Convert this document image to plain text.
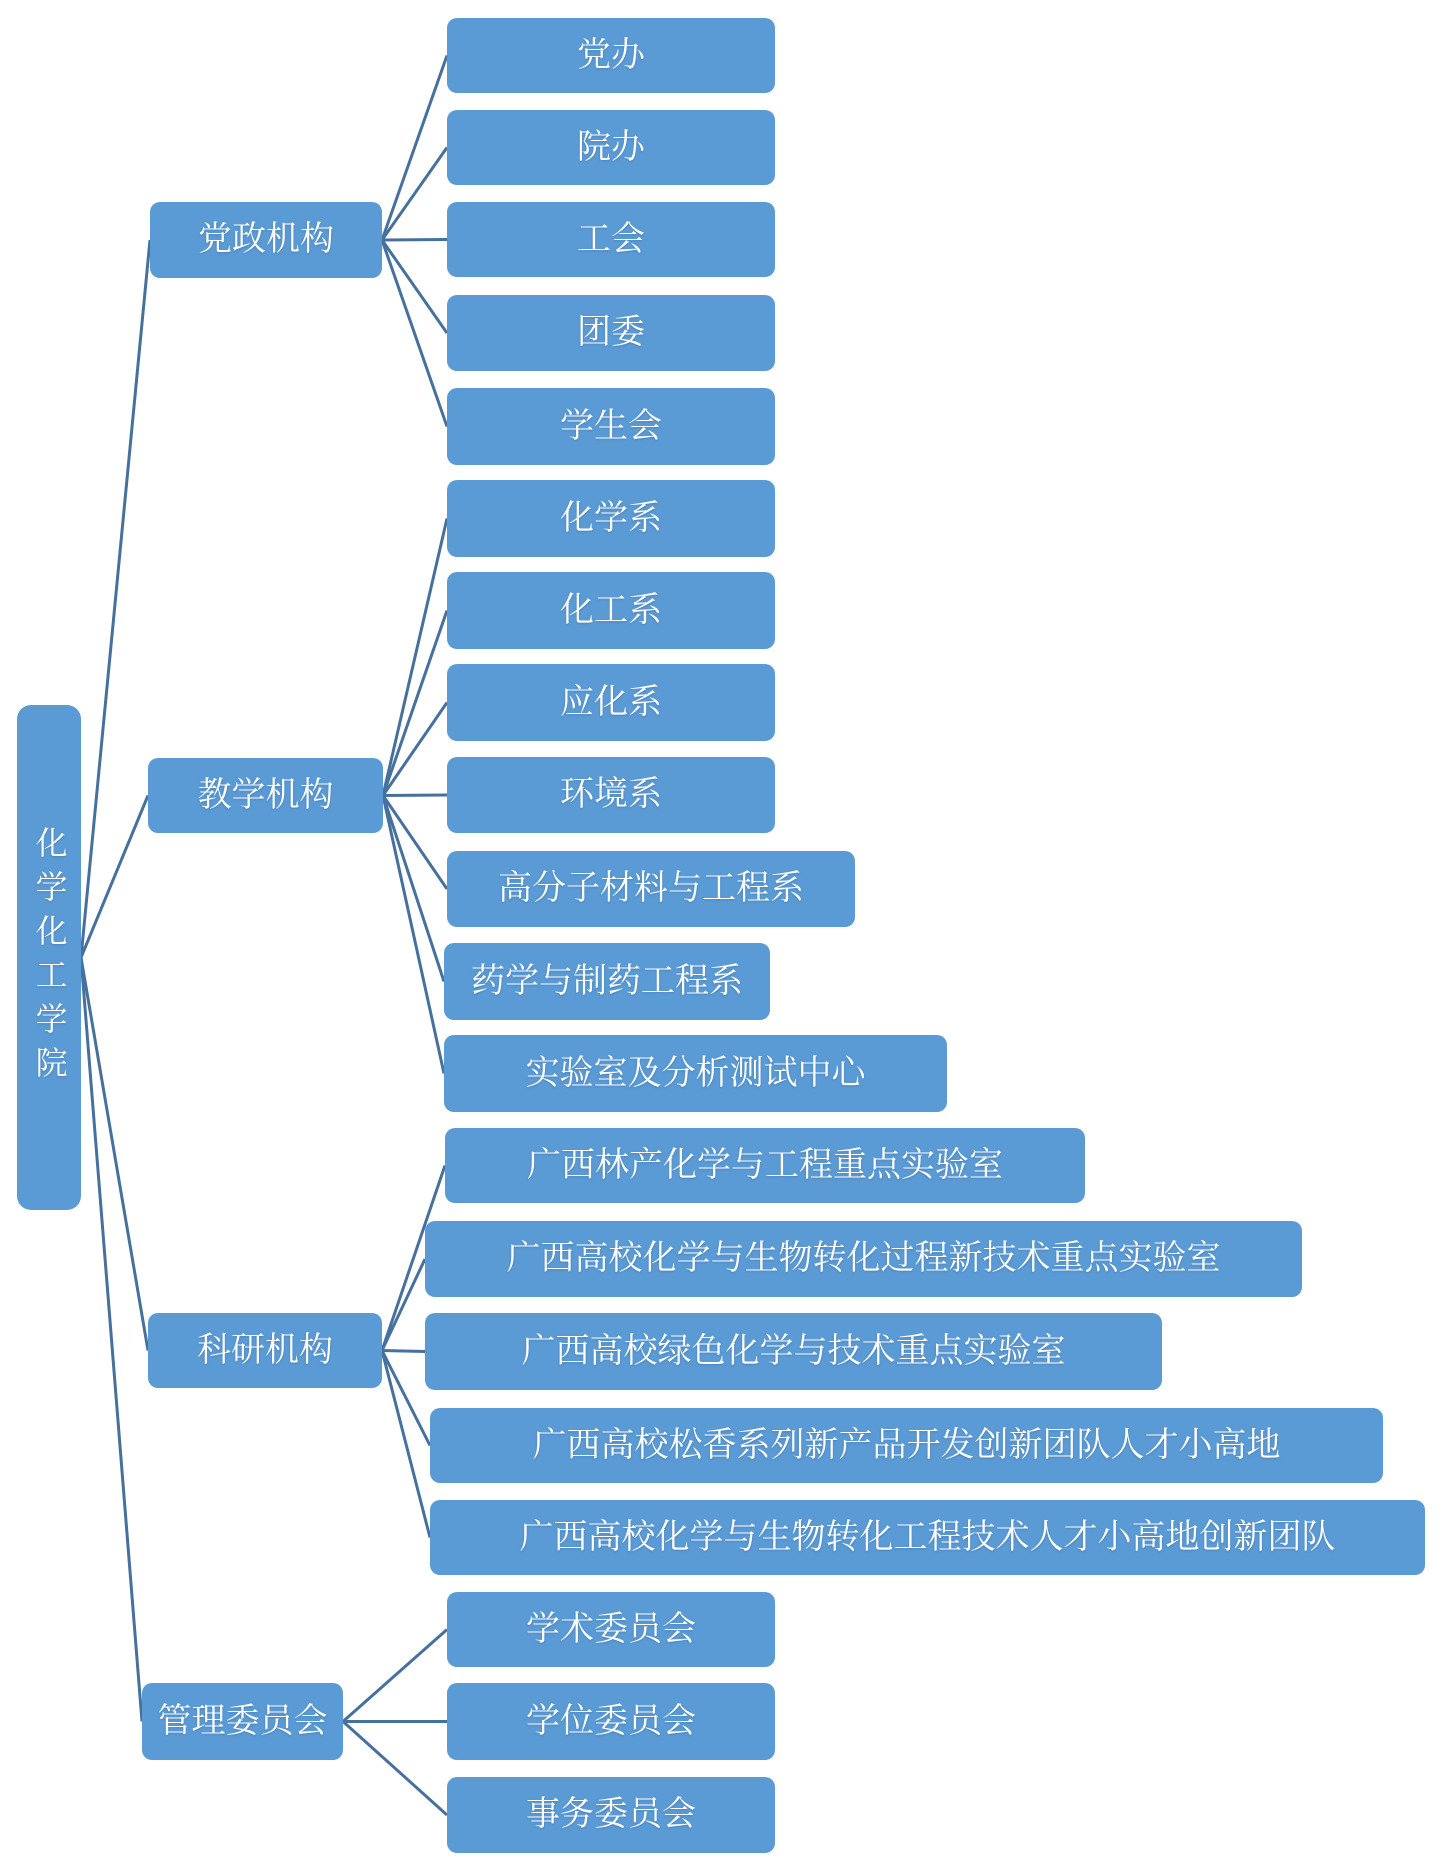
党办
院办
工会
团委
学生会
党政机构
化学系
化工系
应化系
环境系
高分子材料与工程系
药学与制药工程系
实验室及分析测试中心
教学机构
广西林产化学与工程重点实验室
广西高校化学与生物转化过程新技术重点实验室
广西高校绿色化学与技术重点实验室
广西高校松香系列新产品开发创新团队人才小高地
广西高校化学与生物转化工程技术人才小高地创新团队
科研机构
学术委员会
学位委员会
事务委员会
管理委员会
化学化工学院
